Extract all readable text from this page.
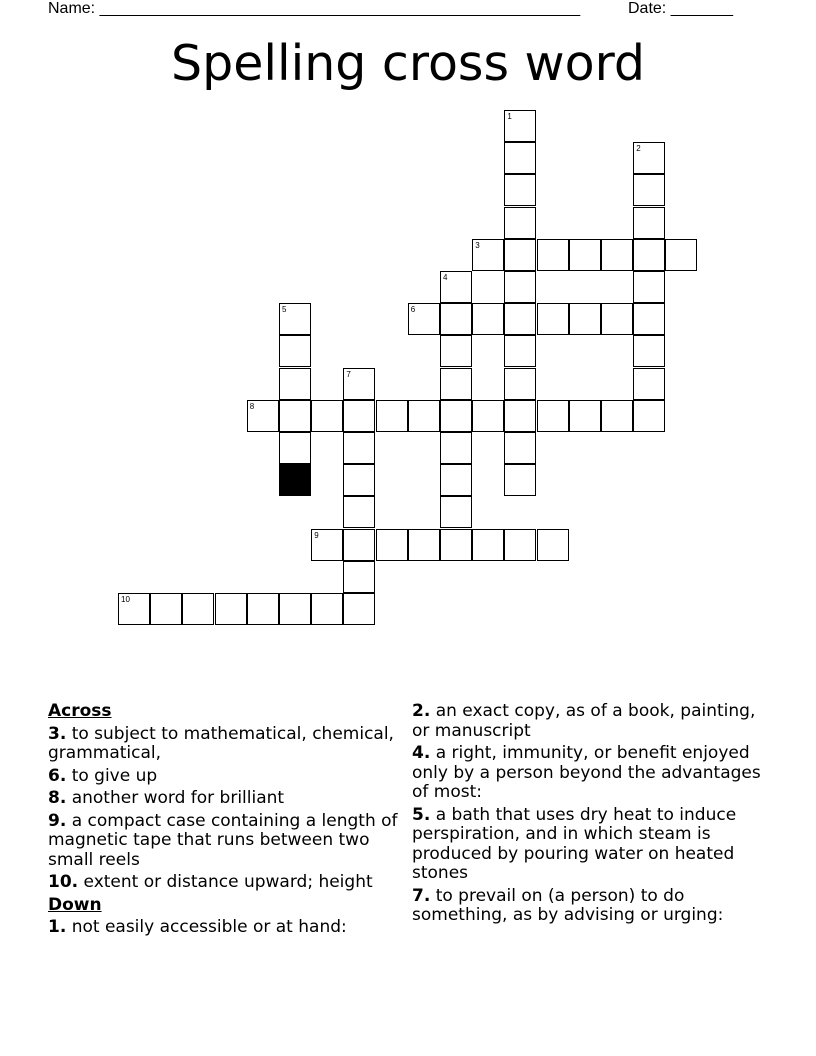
Name: ______________________________________________________	Date: _______
Spelling cross word
1
2
3
4
5	6
7
8
9
10
Across
3. to subject to mathematical, chemical, grammatical,
6. to give up
8. another word for brilliant
9. a compact case containing a length of magnetic tape that runs between two small reels
10. extent or distance upward; height
Down
1. not easily accessible or at hand:
2. an exact copy, as of a book, painting, or manuscript
4. a right, immunity, or benefit enjoyed only by a person beyond the advantages of most:
5. a bath that uses dry heat to induce perspiration, and in which steam is produced by pouring water on heated stones
7. to prevail on (a person) to do something, as by advising or urging:
